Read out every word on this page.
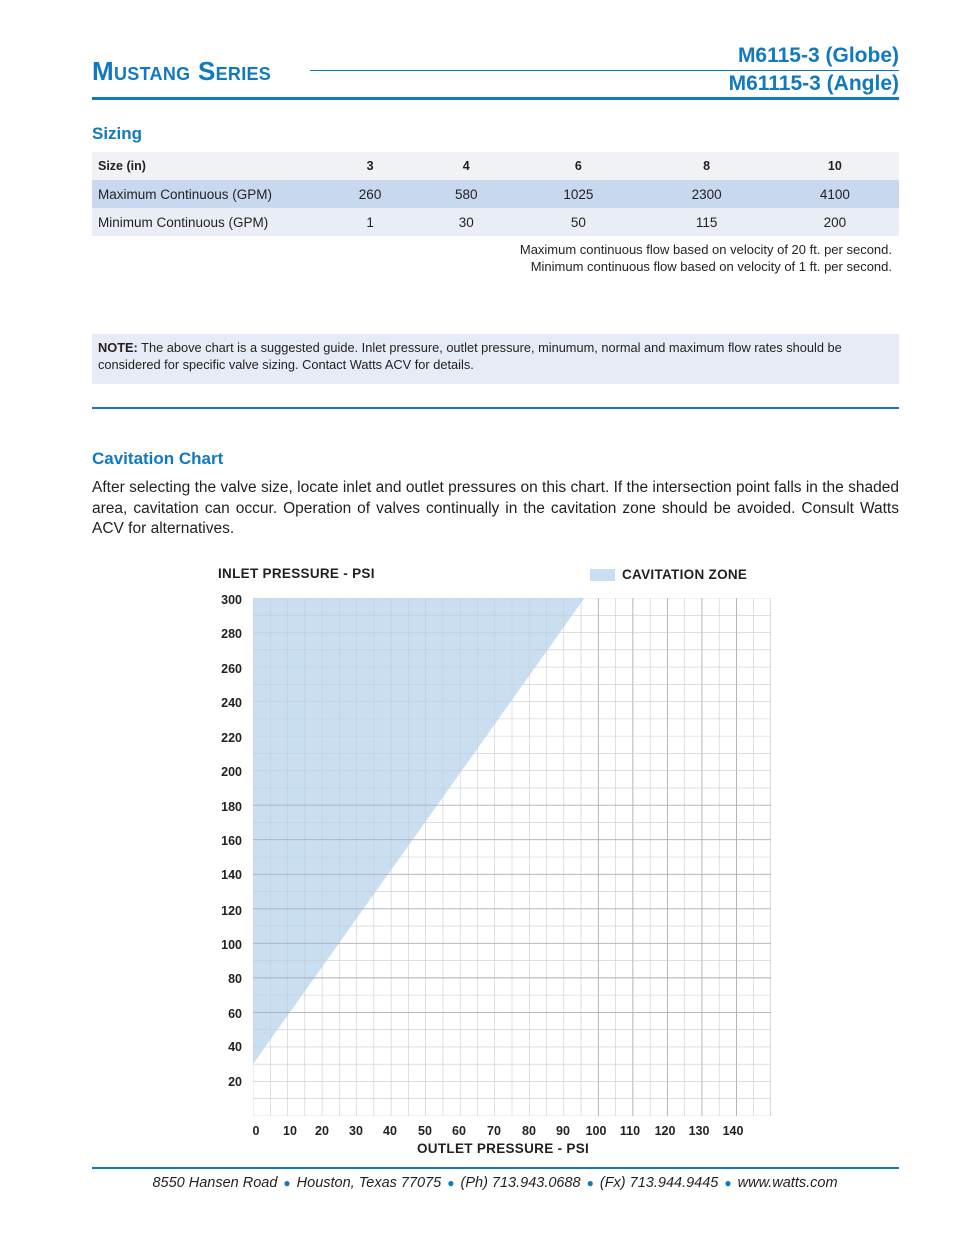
Mustang Series
M6115-3 (Globe)
M61115-3 (Angle)
Sizing
Size (in)	3	4	6	8	10
Maximum Continuous (GPM)	260	580	1025	2300	4100
Minimum Continuous (GPM)	1	30	50	115	200
Maximum continuous flow based on velocity of 20 ft. per second.
Minimum continuous flow based on velocity of 1 ft. per second.
NOTE: The above chart is a suggested guide. Inlet pressure, outlet pressure, minumum, normal and maximum flow rates should be considered for specific valve sizing. Contact Watts ACV for details.
Cavitation Chart

After selecting the valve size, locate inlet and outlet pressures on this chart. If the intersection point falls in the shaded area, cavitation can occur. Operation of valves continually in the cavitation zone should be avoided. Consult Watts ACV for alternatives.

INLET PRESSURE - PSI	CAVITATION ZONE
300
280
260
240
220
200
180
160
140
120
100
80
60
40
20
0	10	20	30	40	50	60	70	80	90	100	110	120	130	140
OUTLET PRESSURE - PSI
8550 Hansen Road ● Houston, Texas 77075 ● (Ph) 713.943.0688 ● (Fx) 713.944.9445 ● www.watts.com
